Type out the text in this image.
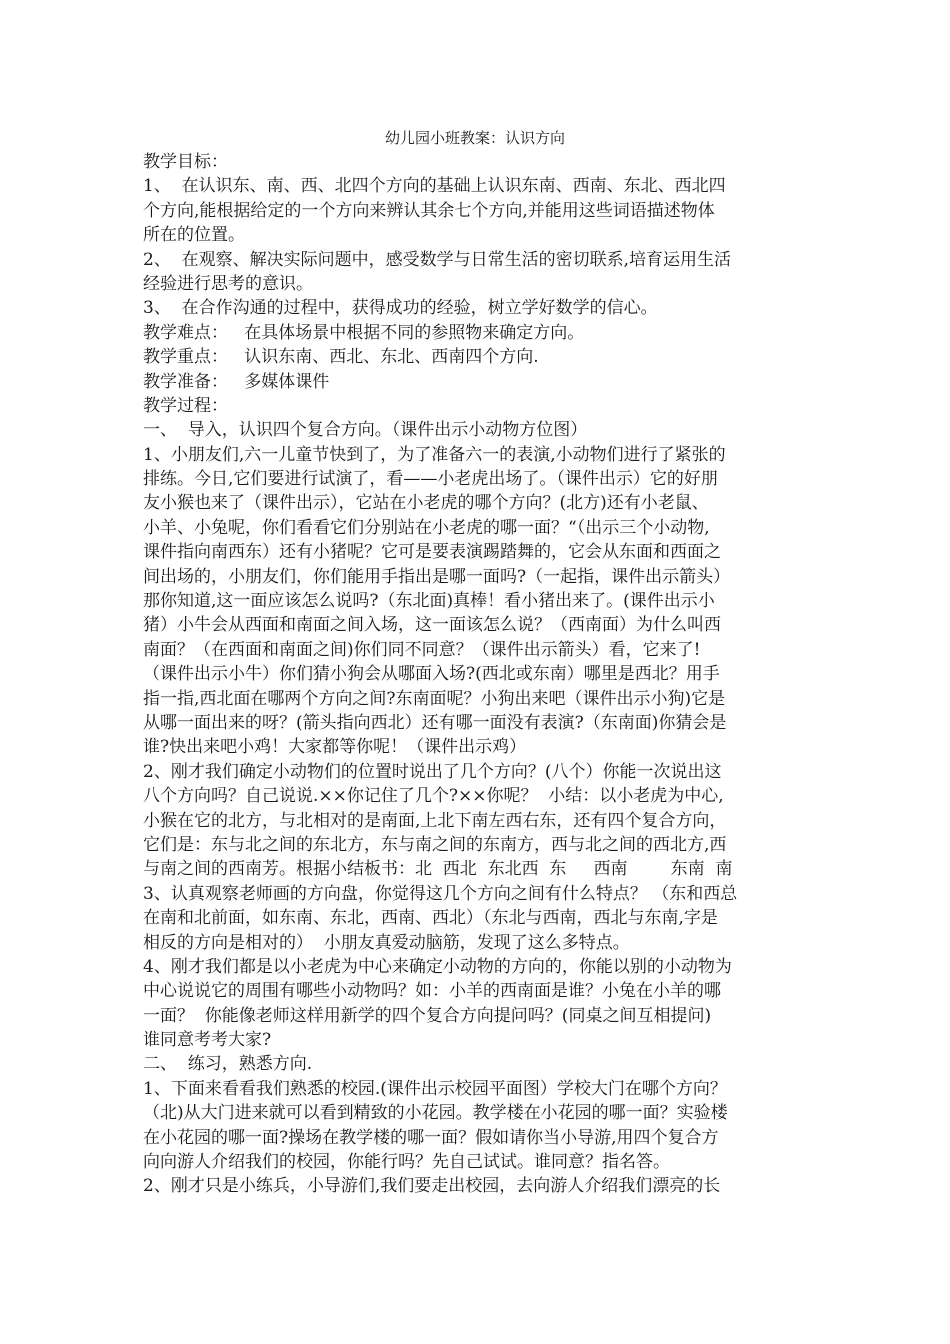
幼儿园小班教案：认识方向
教学目标：
1、  在认识东、南、西、北四个方向的基础上认识东南、西南、东北、西北四
个方向,能根据给定的一个方向来辨认其余七个方向,并能用这些词语描述物体
所在的位置。
2、  在观察、解决实际问题中，感受数学与日常生活的密切联系,培育运用生活
经验进行思考的意识。
3、  在合作沟通的过程中，获得成功的经验，树立学好数学的信心。
教学难点：   在具体场景中根据不同的参照物来确定方向。
教学重点：   认识东南、西北、东北、西南四个方向.
教学准备：   多媒体课件
教学过程：
一、  导入，认识四个复合方向。（课件出示小动物方位图）
1、小朋友们,六一儿童节快到了，为了准备六一的表演,小动物们进行了紧张的
排练。今日,它们要进行试演了，看——小老虎出场了。（课件出示）它的好朋
友小猴也来了（课件出示），它站在小老虎的哪个方向？(北方)还有小老鼠、
小羊、小兔呢，你们看看它们分别站在小老虎的哪一面？“（出示三个小动物,
课件指向南西东）还有小猪呢？它可是要表演踢踏舞的，它会从东面和西面之
间出场的，小朋友们，你们能用手指出是哪一面吗?（一起指，课件出示箭头）
那你知道,这一面应该怎么说吗?（东北面)真棒！看小猪出来了。(课件出示小
猪）小牛会从西面和南面之间入场，这一面该怎么说？（西南面）为什么叫西
南面？（在西面和南面之间)你们同不同意？（课件出示箭头）看，它来了!
（课件出示小牛）你们猜小狗会从哪面入场?(西北或东南）哪里是西北？用手
指一指,西北面在哪两个方向之间?东南面呢？小狗出来吧（课件出示小狗)它是
从哪一面出来的呀？(箭头指向西北）还有哪一面没有表演?（东南面)你猜会是
谁?快出来吧小鸡！大家都等你呢！（课件出示鸡）
2、刚才我们确定小动物们的位置时说出了几个方向？(八个）你能一次说出这
八个方向吗？自己说说.××你记住了几个?××你呢？  小结：以小老虎为中心,
小猴在它的北方，与北相对的是南面,上北下南左西右东，还有四个复合方向，
它们是：东与北之间的东北方，东与南之间的东南方，西与北之间的西北方,西
与南之间的西南芳。根据小结板书：北  西北  东北西  东     西南        东南  南
3、认真观察老师画的方向盘，你觉得这几个方向之间有什么特点？ （东和西总
在南和北前面，如东南、东北，西南、西北）（东北与西南，西北与东南,字是
相反的方向是相对的）  小朋友真爱动脑筋，发现了这么多特点。
4、刚才我们都是以小老虎为中心来确定小动物的方向的，你能以别的小动物为
中心说说它的周围有哪些小动物吗？如：小羊的西南面是谁？小兔在小羊的哪
一面？  你能像老师这样用新学的四个复合方向提问吗？(同桌之间互相提问)
谁同意考考大家?
二、  练习，熟悉方向.
1、下面来看看我们熟悉的校园.(课件出示校园平面图）学校大门在哪个方向？
（北)从大门进来就可以看到精致的小花园。教学楼在小花园的哪一面？实验楼
在小花园的哪一面?操场在教学楼的哪一面？假如请你当小导游,用四个复合方
向向游人介绍我们的校园，你能行吗？先自己试试。谁同意？指名答。
2、刚才只是小练兵，小导游们,我们要走出校园，去向游人介绍我们漂亮的长
